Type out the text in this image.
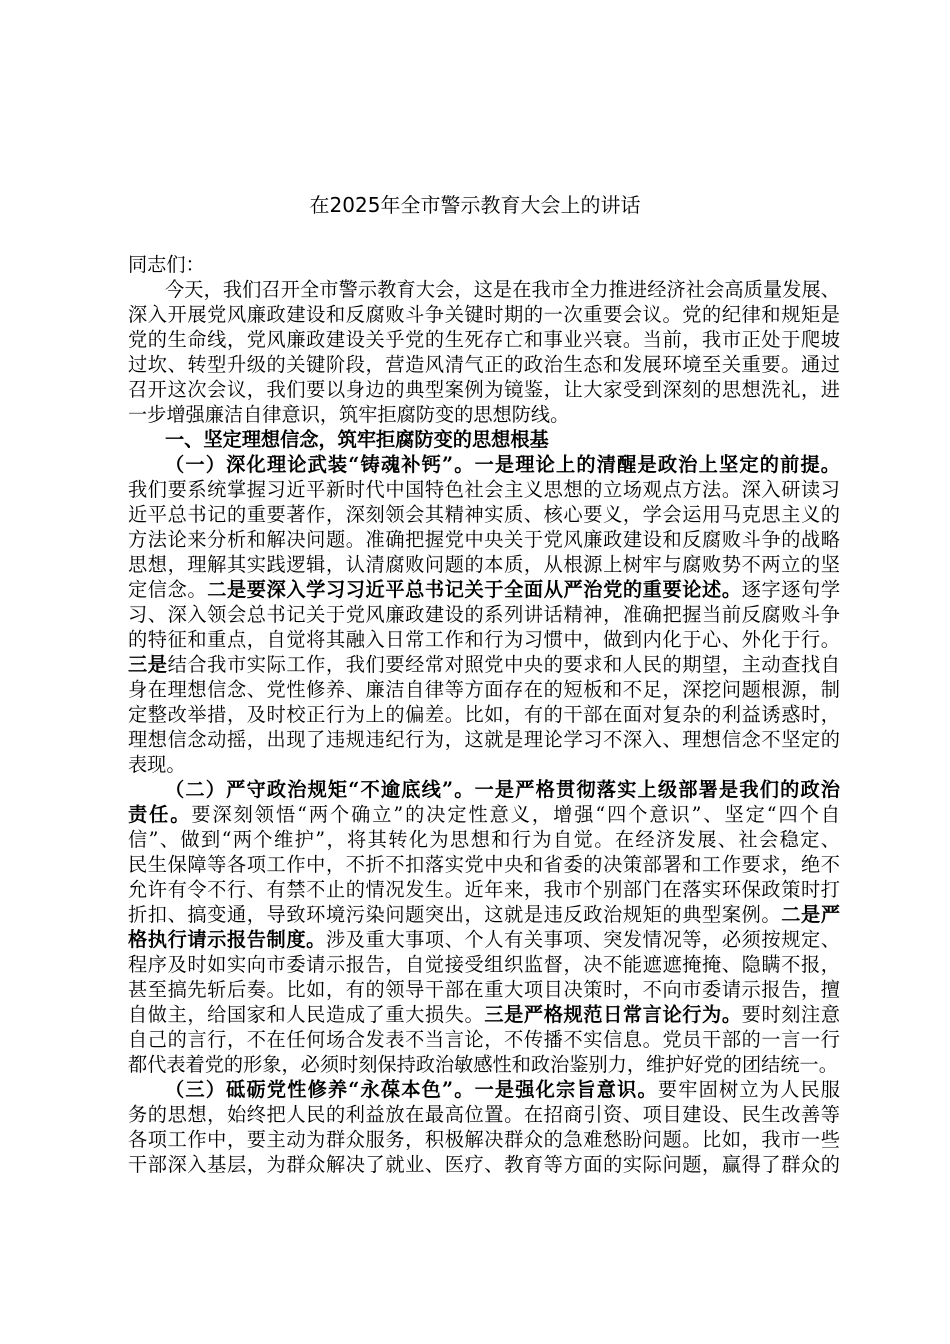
在2025年全市警示教育大会上的讲话
同志们：
今天，我们召开全市警示教育大会，这是在我市全力推进经济社会高质量发展、
深入开展党风廉政建设和反腐败斗争关键时期的一次重要会议。党的纪律和规矩是
党的生命线，党风廉政建设关乎党的生死存亡和事业兴衰。当前，我市正处于爬坡
过坎、转型升级的关键阶段，营造风清气正的政治生态和发展环境至关重要。通过
召开这次会议，我们要以身边的典型案例为镜鉴，让大家受到深刻的思想洗礼，进
一步增强廉洁自律意识，筑牢拒腐防变的思想防线。
一、坚定理想信念，筑牢拒腐防变的思想根基
（一）深化理论武装“铸魂补钙”。一是理论上的清醒是政治上坚定的前提。
我们要系统掌握习近平新时代中国特色社会主义思想的立场观点方法。深入研读习
近平总书记的重要著作，深刻领会其精神实质、核心要义，学会运用马克思主义的
方法论来分析和解决问题。准确把握党中央关于党风廉政建设和反腐败斗争的战略
思想，理解其实践逻辑，认清腐败问题的本质，从根源上树牢与腐败势不两立的坚
定信念。二是要深入学习习近平总书记关于全面从严治党的重要论述。逐字逐句学
习、深入领会总书记关于党风廉政建设的系列讲话精神，准确把握当前反腐败斗争
的特征和重点，自觉将其融入日常工作和行为习惯中，做到内化于心、外化于行。
三是结合我市实际工作，我们要经常对照党中央的要求和人民的期望，主动查找自
身在理想信念、党性修养、廉洁自律等方面存在的短板和不足，深挖问题根源，制
定整改举措，及时校正行为上的偏差。比如，有的干部在面对复杂的利益诱惑时，
理想信念动摇，出现了违规违纪行为，这就是理论学习不深入、理想信念不坚定的
表现。
（二）严守政治规矩“不逾底线”。一是严格贯彻落实上级部署是我们的政治
责任。要深刻领悟“两个确立”的决定性意义，增强“四个意识”、坚定“四个自
信”、做到“两个维护”，将其转化为思想和行为自觉。在经济发展、社会稳定、
民生保障等各项工作中，不折不扣落实党中央和省委的决策部署和工作要求，绝不
允许有令不行、有禁不止的情况发生。近年来，我市个别部门在落实环保政策时打
折扣、搞变通，导致环境污染问题突出，这就是违反政治规矩的典型案例。二是严
格执行请示报告制度。涉及重大事项、个人有关事项、突发情况等，必须按规定、
程序及时如实向市委请示报告，自觉接受组织监督，决不能遮遮掩掩、隐瞒不报，
甚至搞先斩后奏。比如，有的领导干部在重大项目决策时，不向市委请示报告，擅
自做主，给国家和人民造成了重大损失。三是严格规范日常言论行为。要时刻注意
自己的言行，不在任何场合发表不当言论，不传播不实信息。党员干部的一言一行
都代表着党的形象，必须时刻保持政治敏感性和政治鉴别力，维护好党的团结统一。
（三）砥砺党性修养“永葆本色”。一是强化宗旨意识。要牢固树立为人民服
务的思想，始终把人民的利益放在最高位置。在招商引资、项目建设、民生改善等
各项工作中，要主动为群众服务，积极解决群众的急难愁盼问题。比如，我市一些
干部深入基层，为群众解决了就业、医疗、教育等方面的实际问题，赢得了群众的
